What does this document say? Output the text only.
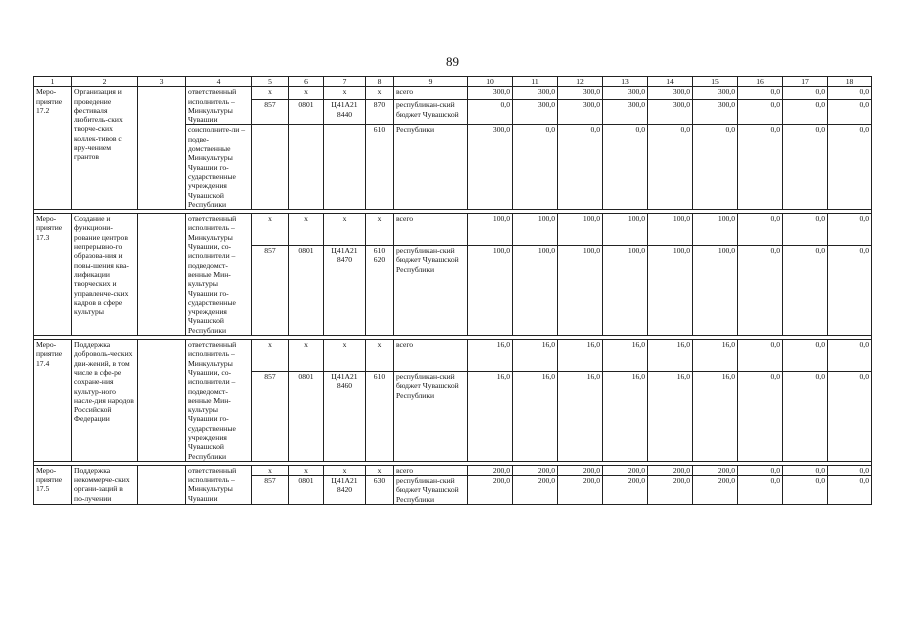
89
1	2	3	4	5	6	7	8	9	10	11	12	13	14	15	16	17	18
Меро-приятие 17.2	Организация и проведение фестиваля любитель-ских творче-ских коллек-тивов с вру-чением грантов		ответственный исполнитель – Минкультуры Чувашии	x	x	x	x	всего	300,0	300,0	300,0	300,0	300,0	300,0	0,0	0,0	0,0
				857	0801	Ц41А21 8440	870	республикан-ский бюджет Чувашской	0,0	300,0	300,0	300,0	300,0	300,0	0,0	0,0	0,0
			соисполните-ли – подве-домственные Минкультуры Чувашии го-сударственные учреждения Чувашской Республики				610	Республики	300,0	0,0	0,0	0,0	0,0	0,0	0,0	0,0	0,0

Меро-приятие 17.3	Создание и функциони-рование центров непрерывно-го образова-ния и повы-шения ква-лификации творческих и управленче-ских кадров в сфере культуры		ответственный исполнитель – Минкультуры Чувашии, со-исполнители – подведомст-венные Мин-культуры Чувашии го-сударственные учреждения Чувашской Республики	x	x	x	x	всего	100,0	100,0	100,0	100,0	100,0	100,0	0,0	0,0	0,0
				857	0801	Ц41А21 8470	610 620	республикан-ский бюджет Чувашской Республики	100,0	100,0	100,0	100,0	100,0	100,0	0,0	0,0	0,0

Меро-приятие 17.4	Поддержка доброволь-ческих дви-жений, в том числе в сфе-ре сохране-ния культур-ного насле-дия народов Российской Федерации		ответственный исполнитель – Минкультуры Чувашии, со-исполнители – подведомст-венные Мин-культуры Чувашии го-сударственные учреждения Чувашской Республики	x	x	x	x	всего	16,0	16,0	16,0	16,0	16,0	16,0	0,0	0,0	0,0
				857	0801	Ц41А21 8460	610	республикан-ский бюджет Чувашской Республики	16,0	16,0	16,0	16,0	16,0	16,0	0,0	0,0	0,0

Меро-приятие 17.5	Поддержка некоммерче-ских органи-заций в по-лучении		ответственный исполнитель – Минкультуры Чувашии	x	x	x	x	всего	200,0	200,0	200,0	200,0	200,0	200,0	0,0	0,0	0,0
				857	0801	Ц41А21 8420	630	республикан-ский бюджет Чувашской Республики	200,0	200,0	200,0	200,0	200,0	200,0	0,0	0,0	0,0
